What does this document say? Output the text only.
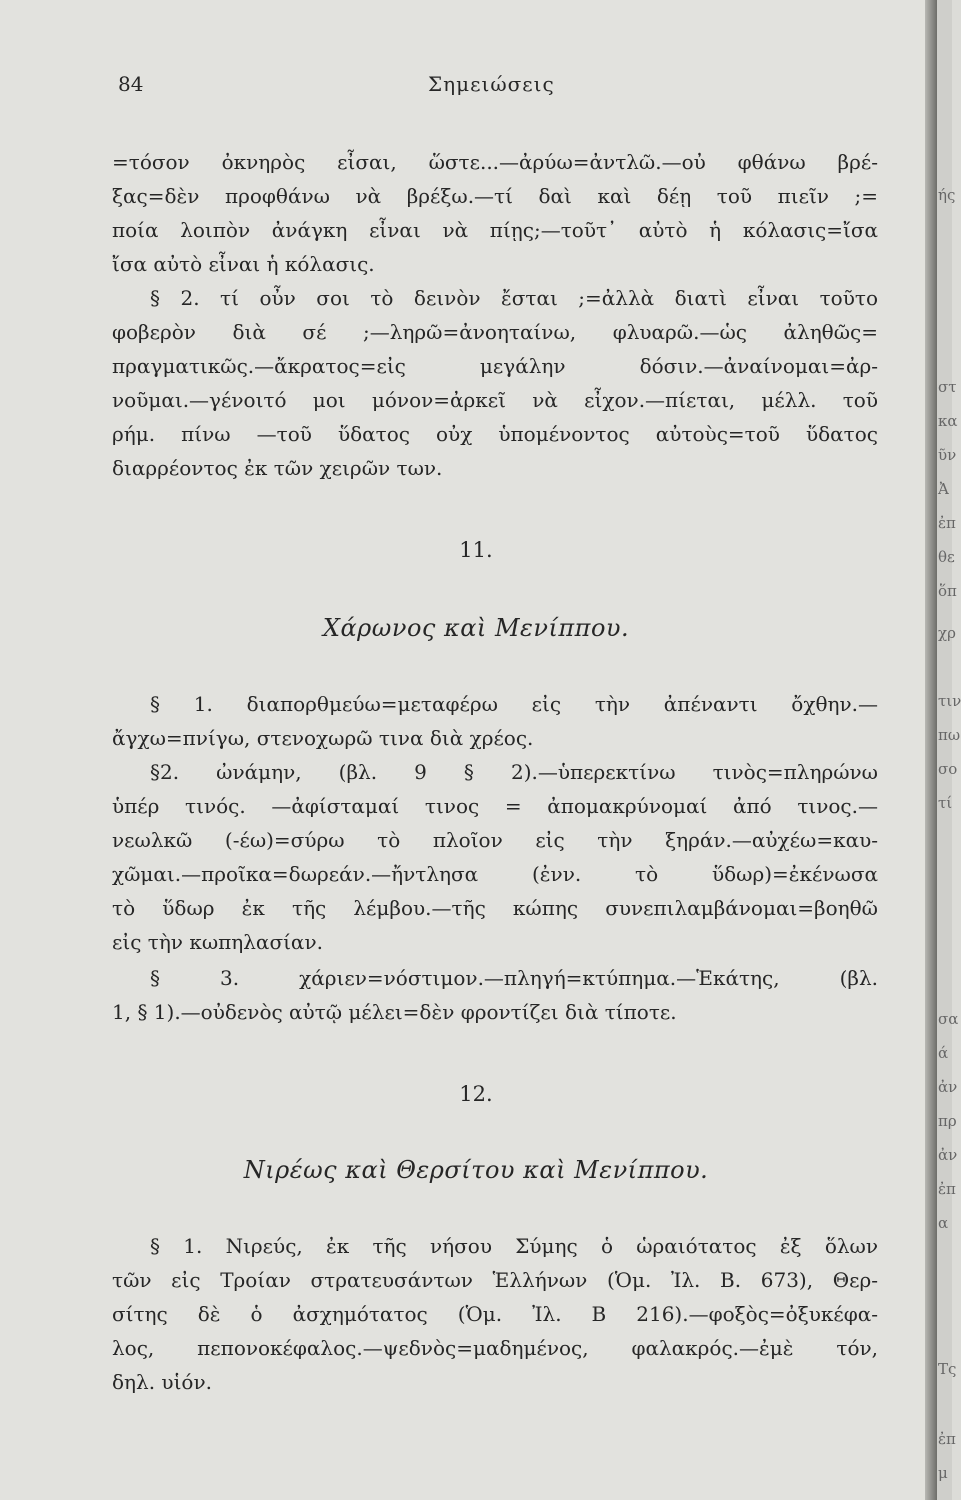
84	Σημειώσεις
=τόσον ὀκνηρὸς εἶσαι, ὥστε...—ἀρύω=ἀντλῶ.—οὐ φθάνω βρέ-
ξας=δὲν προφθάνω νὰ βρέξω.—τί δαὶ καὶ δέῃ τοῦ πιεῖν ;=
ποία λοιπὸν ἀνάγκη εἶναι νὰ πίῃς;—τοῦτ᾽ αὐτὸ ἡ κόλασις=ἴσα
ἴσα αὐτὸ εἶναι ἡ κόλασις.
§ 2. τί οὖν σοι τὸ δεινὸν ἔσται ;=ἀλλὰ διατὶ εἶναι τοῦτο
φοβερὸν διὰ σέ ;—ληρῶ=ἀνοηταίνω, φλυαρῶ.—ὡς ἀληθῶς=
πραγματικῶς.—ἄκρατος=εἰς μεγάλην δόσιν.—ἀναίνομαι=ἀρ-
νοῦμαι.—γένοιτό μοι μόνον=ἀρκεῖ νὰ εἶχον.—πίεται, μέλλ. τοῦ
ρήμ. πίνω —τοῦ ὕδατος οὐχ ὑπομένοντος αὐτοὺς=τοῦ ὕδατος
διαρρέοντος ἐκ τῶν χειρῶν των.
11.
Χάρωνος καὶ Μενίππου.
§ 1. διαπορθμεύω=μεταφέρω εἰς τὴν ἀπέναντι ὄχθην.—
ἄγχω=πνίγω, στενοχωρῶ τινα διὰ χρέος.
§2. ὠνάμην, (βλ. 9 § 2).—ὑπερεκτίνω τινὸς=πληρώνω
ὑπέρ τινός. —ἀφίσταμαί τινος = ἀπομακρύνομαί ἀπό τινος.—
νεωλκῶ (-έω)=σύρω τὸ πλοῖον εἰς τὴν ξηράν.—αὐχέω=καυ-
χῶμαι.—προῖκα=δωρεάν.—ἤντλησα (ἐνν. τὸ ὕδωρ)=ἐκένωσα
τὸ ὕδωρ ἐκ τῆς λέμβου.—τῆς κώπης συνεπιλαμβάνομαι=βοηθῶ
εἰς τὴν κωπηλασίαν.
§ 3. χάριεν=νόστιμον.—πληγή=κτύπημα.—Ἑκάτης, (βλ.
1, § 1).—οὐδενὸς αὐτῷ μέλει=δὲν φροντίζει διὰ τίποτε.
12.
Νιρέως καὶ Θερσίτου καὶ Μενίππου.
§ 1. Νιρεύς, ἐκ τῆς νήσου Σύμης ὁ ὡραιότατος ἐξ ὅλων
τῶν εἰς Τροίαν στρατευσάντων Ἑλλήνων (Ὁμ. Ἰλ. Β. 673), Θερ-
σίτης δὲ ὁ ἀσχημότατος (Ὁμ. Ἰλ. Β 216).—φοξὸς=ὀξυκέφα-
λος, πεπονοκέφαλος.—ψεδνὸς=μαδημένος, φαλακρός.—ἐμὲ τόν,
δηλ. υἱόν.
ής
στ
κα
ῦν
Ἀ
ἐπ
θε
ὅπ
χρ
τιν
πω
σο
τί
σα
ά
ἀν
πρ
ἀν
ἐπ
α
Τς
ἐπ
μ
